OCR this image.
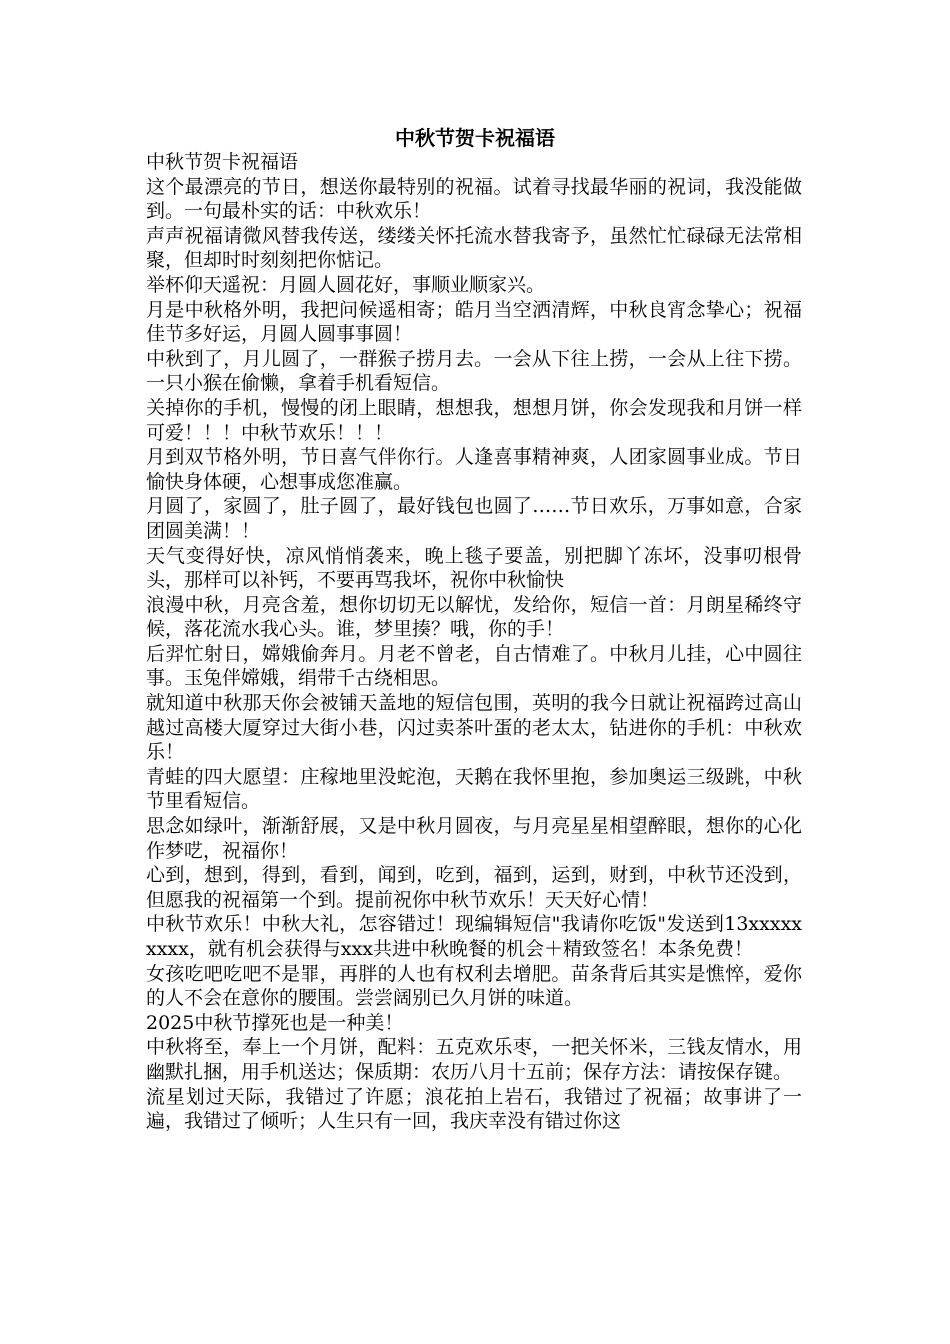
中秋节贺卡祝福语

中秋节贺卡祝福语

这个最漂亮的节日，想送你最特别的祝福。试着寻找最华丽的祝词，我没能做到。一句最朴实的话：中秋欢乐！

声声祝福请微风替我传送，缕缕关怀托流水替我寄予，虽然忙忙碌碌无法常相聚，但却时时刻刻把你惦记。

举杯仰天遥祝：月圆人圆花好，事顺业顺家兴。

月是中秋格外明，我把问候遥相寄；皓月当空洒清辉，中秋良宵念挚心；祝福佳节多好运，月圆人圆事事圆！

中秋到了，月儿圆了，一群猴子捞月去。一会从下往上捞，一会从上往下捞。一只小猴在偷懒，拿着手机看短信。

关掉你的手机，慢慢的闭上眼睛，想想我，想想月饼，你会发现我和月饼一样可爱！！！中秋节欢乐！！！

月到双节格外明，节日喜气伴你行。人逢喜事精神爽，人团家圆事业成。节日愉快身体硬，心想事成您准赢。

月圆了，家圆了，肚子圆了，最好钱包也圆了……节日欢乐，万事如意，合家团圆美满！！

天气变得好快，凉风悄悄袭来，晚上毯子要盖，别把脚丫冻坏，没事叨根骨头，那样可以补钙，不要再骂我坏，祝你中秋愉快

浪漫中秋，月亮含羞，想你切切无以解忧，发给你，短信一首：月朗星稀终守候，落花流水我心头。谁，梦里揍？哦，你的手！

后羿忙射日，嫦娥偷奔月。月老不曾老，自古情难了。中秋月儿挂，心中圆往事。玉兔伴嫦娥，绢带千古绕相思。

就知道中秋那天你会被铺天盖地的短信包围，英明的我今日就让祝福跨过高山越过高楼大厦穿过大街小巷，闪过卖茶叶蛋的老太太，钻进你的手机：中秋欢乐！

青蛙的四大愿望：庄稼地里没蛇泡，天鹅在我怀里抱，参加奥运三级跳，中秋节里看短信。

思念如绿叶，渐渐舒展，又是中秋月圆夜，与月亮星星相望醉眼，想你的心化作梦呓，祝福你！

心到，想到，得到，看到，闻到，吃到，福到，运到，财到，中秋节还没到，但愿我的祝福第一个到。提前祝你中秋节欢乐！天天好心情！

中秋节欢乐！中秋大礼，怎容错过！现编辑短信"我请你吃饭"发送到13xxxxxxxxx，就有机会获得与xxx共进中秋晚餐的机会＋精致签名！本条免费！

女孩吃吧吃吧不是罪，再胖的人也有权利去增肥。苗条背后其实是憔悴，爱你的人不会在意你的腰围。尝尝阔别已久月饼的味道。

2025中秋节撑死也是一种美！

中秋将至，奉上一个月饼，配料：五克欢乐枣，一把关怀米，三钱友情水，用幽默扎捆，用手机送达；保质期：农历八月十五前；保存方法：请按保存键。

流星划过天际，我错过了许愿；浪花拍上岩石，我错过了祝福；故事讲了一遍，我错过了倾听；人生只有一回，我庆幸没有错过你这
